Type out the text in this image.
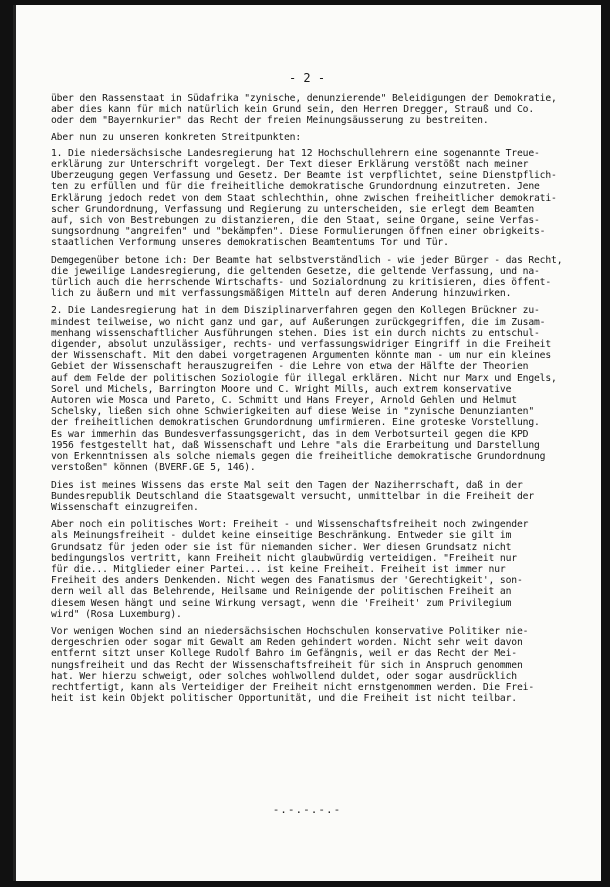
- 2 -
über den Rassenstaat in Südafrika "zynische, denunzierende" Beleidigungen der Demokratie,
aber dies kann für mich natürlich kein Grund sein, den Herren Dregger, Strauß und Co.
oder dem "Bayernkurier" das Recht der freien Meinungsäusserung zu bestreiten.
Aber nun zu unseren konkreten Streitpunkten:
1. Die niedersächsische Landesregierung hat 12 Hochschullehrern eine sogenannte Treue-
erklärung zur Unterschrift vorgelegt. Der Text dieser Erklärung verstößt nach meiner
Überzeugung gegen Verfassung und Gesetz. Der Beamte ist verpflichtet, seine Dienstpflich-
ten zu erfüllen und für die freiheitliche demokratische Grundordnung einzutreten. Jene
Erklärung jedoch redet von dem Staat schlechthin, ohne zwischen freiheitlicher demokrati-
scher Grundordnung, Verfassung und Regierung zu unterscheiden, sie erlegt dem Beamten
auf, sich von Bestrebungen zu distanzieren, die den Staat, seine Organe, seine Verfas-
sungsordnung "angreifen" und "bekämpfen". Diese Formulierungen öffnen einer obrigkeits-
staatlichen Verformung unseres demokratischen Beamtentums Tor und Tür.
Demgegenüber betone ich: Der Beamte hat selbstverständlich - wie jeder Bürger - das Recht,
die jeweilige Landesregierung, die geltenden Gesetze, die geltende Verfassung, und na-
türlich auch die herrschende Wirtschafts- und Sozialordnung zu kritisieren, dies öffent-
lich zu äußern und mit verfassungsmäßigen Mitteln auf deren Änderung hinzuwirken.
2. Die Landesregierung hat in dem Disziplinarverfahren gegen den Kollegen Brückner zu-
mindest teilweise, wo nicht ganz und gar, auf Äußerungen zurückgegriffen, die im Zusam-
menhang wissenschaftlicher Ausführungen stehen. Dies ist ein durch nichts zu entschul-
digender, absolut unzulässiger, rechts- und verfassungswidriger Eingriff in die Freiheit
der Wissenschaft. Mit den dabei vorgetragenen Argumenten könnte man - um nur ein kleines
Gebiet der Wissenschaft herauszugreifen - die Lehre von etwa der Hälfte der Theorien
auf dem Felde der politischen Soziologie für illegal erklären. Nicht nur Marx und Engels,
Sorel und Michels, Barrington Moore und C. Wright Mills, auch extrem konservative
Autoren wie Mosca und Pareto, C. Schmitt und Hans Freyer, Arnold Gehlen und Helmut
Schelsky, ließen sich ohne Schwierigkeiten auf diese Weise in "zynische Denunzianten"
der freiheitlichen demokratischen Grundordnung umfirmieren. Eine groteske Vorstellung.
Es war immerhin das Bundesverfassungsgericht, das in dem Verbotsurteil gegen die KPD
1956 festgestellt hat, daß Wissenschaft und Lehre "als die Erarbeitung und Darstellung
von Erkenntnissen als solche niemals gegen die freiheitliche demokratische Grundordnung
verstoßen" können (BVERF.GE 5, 146).
Dies ist meines Wissens das erste Mal seit den Tagen der Naziherrschaft, daß in der
Bundesrepublik Deutschland die Staatsgewalt versucht, unmittelbar in die Freiheit der
Wissenschaft einzugreifen.
Aber noch ein politisches Wort: Freiheit - und Wissenschaftsfreiheit noch zwingender
als Meinungsfreiheit - duldet keine einseitige Beschränkung. Entweder sie gilt im
Grundsatz für jeden oder sie ist für niemanden sicher. Wer diesen Grundsatz nicht
bedingungslos vertritt, kann Freiheit nicht glaubwürdig verteidigen. "Freiheit nur
für die... Mitglieder einer Partei... ist keine Freiheit. Freiheit ist immer nur
Freiheit des anders Denkenden. Nicht wegen des Fanatismus der 'Gerechtigkeit', son-
dern weil all das Belehrende, Heilsame und Reinigende der politischen Freiheit an
diesem Wesen hängt und seine Wirkung versagt, wenn die 'Freiheit' zum Privilegium
wird" (Rosa Luxemburg).
Vor wenigen Wochen sind an niedersächsischen Hochschulen konservative Politiker nie-
dergeschrien oder sogar mit Gewalt am Reden gehindert worden. Nicht sehr weit davon
entfernt sitzt unser Kollege Rudolf Bahro im Gefängnis, weil er das Recht der Mei-
nungsfreiheit und das Recht der Wissenschaftsfreiheit für sich in Anspruch genommen
hat. Wer hierzu schweigt, oder solches wohlwollend duldet, oder sogar ausdrücklich
rechtfertigt, kann als Verteidiger der Freiheit nicht ernstgenommen werden. Die Frei-
heit ist kein Objekt politischer Opportunität, und die Freiheit ist nicht teilbar.
-.-.-.-.-
